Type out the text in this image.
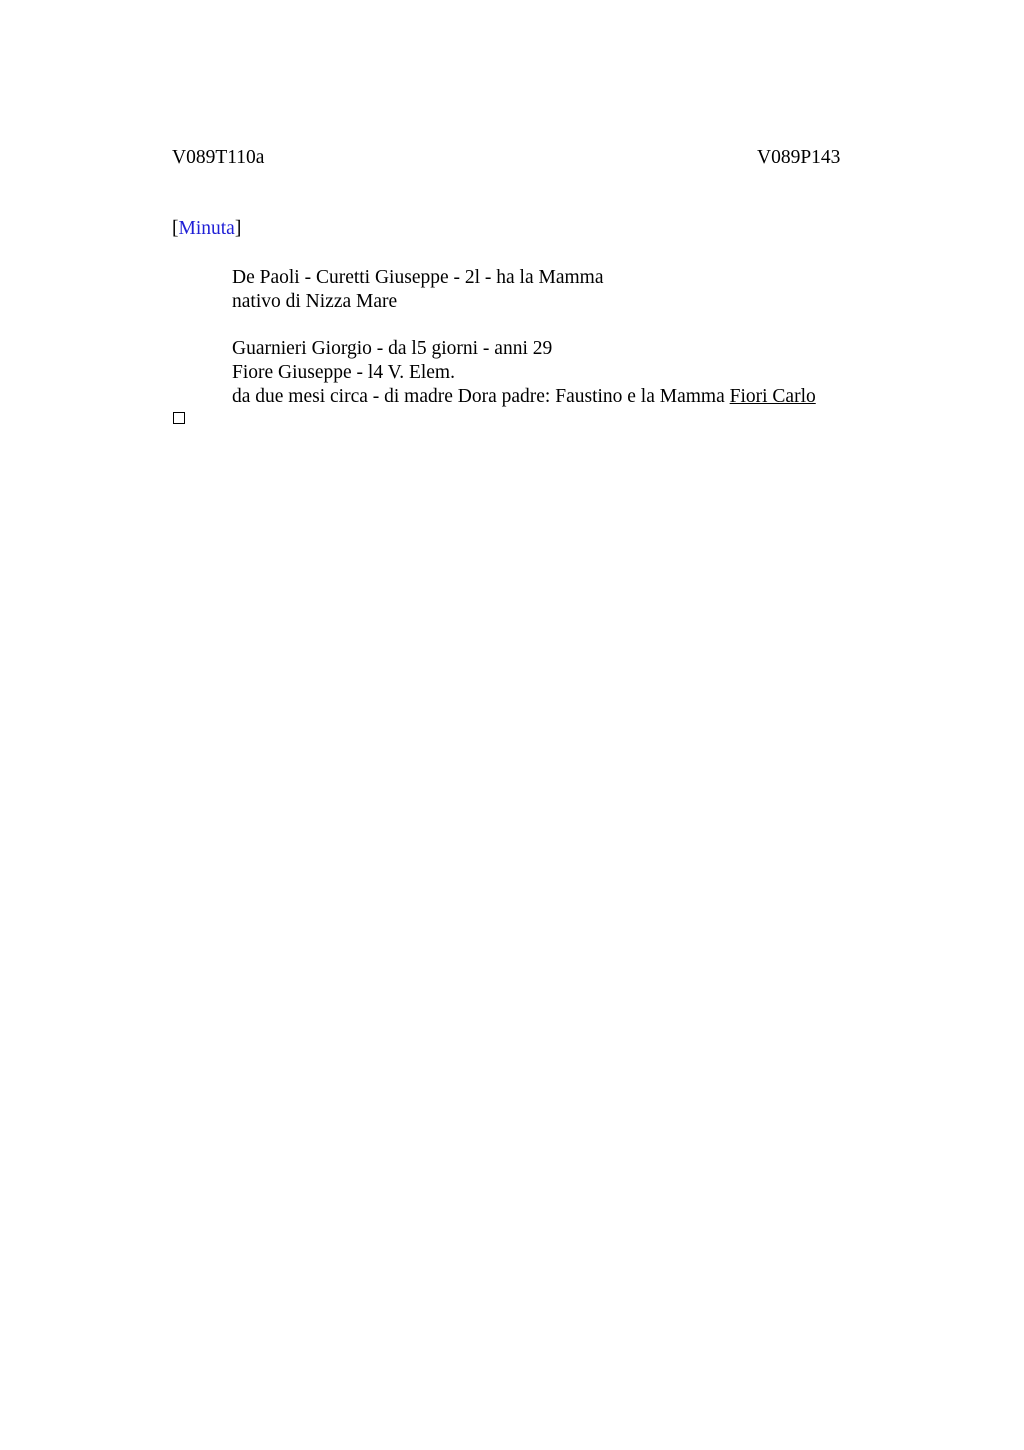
V089T110a	V089P143
[Minuta]
De Paoli - Curetti Giuseppe - 2l - ha la Mamma
nativo di Nizza Mare
Guarnieri Giorgio - da l5 giorni - anni 29
Fiore Giuseppe - l4 V. Elem.
da due mesi circa - di madre Dora padre: Faustino e la Mamma Fiori Carlo
